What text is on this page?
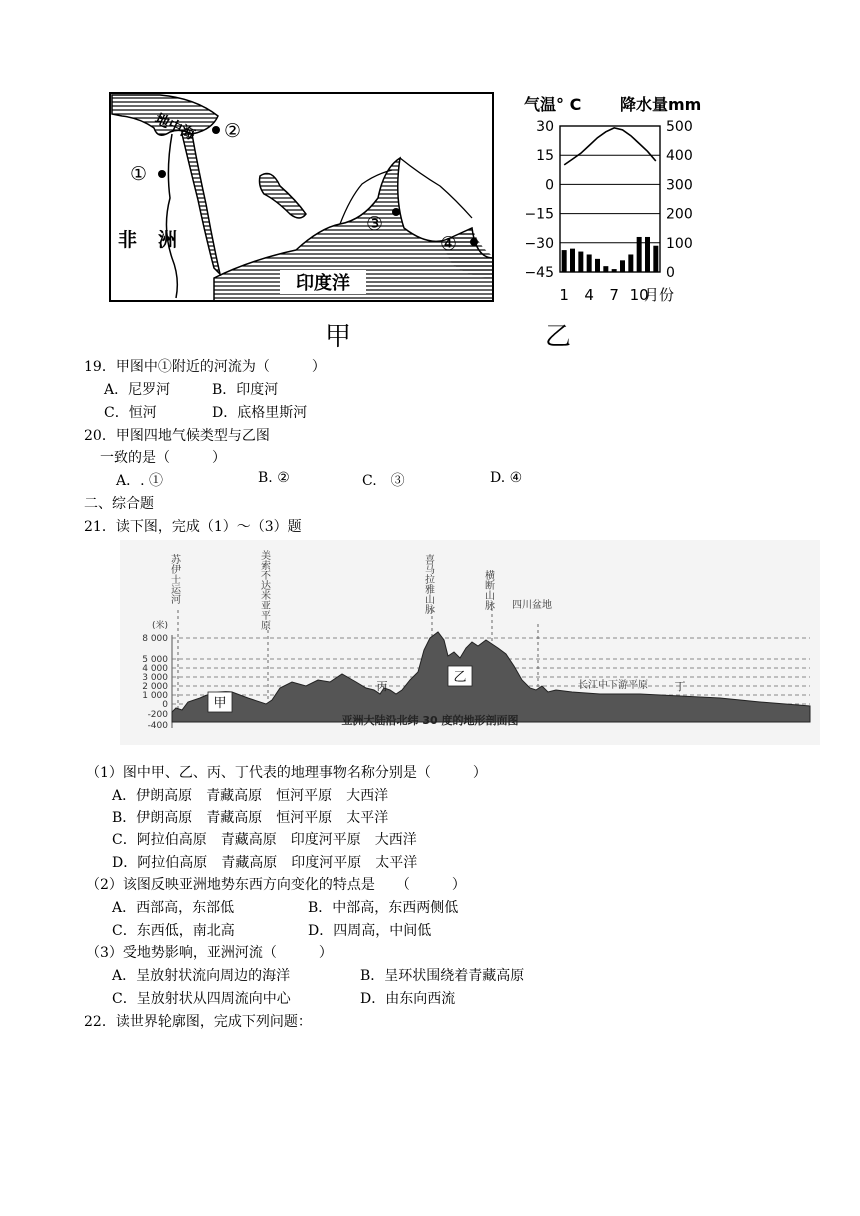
印度洋
地中海
非 洲
①
②
③
④
甲
气温° C 降水量mm
30	500
15	400
0	300
−15	200
−30	100
−45	0
1 4 7 10
月份
乙
19．甲图中①附近的河流为（　　　）
A．尼罗河	B．印度河
C．恒河	D．底格里斯河
20．甲图四地气候类型与乙图
一致的是（　　　）
A．. ①	B. ②	C.　③	D. ④
二、综合题
21．读下图，完成（1）～（3）题
(米)
8 000
5 000
4 000
3 000
2 000
1 000
0
-200
-400
甲
乙
丙	丁
苏伊士运河	美索不达米亚平原	喜马拉雅山脉	横断山脉 四川盆地
长江中下游平原
亚洲大陆沿北纬 30 度的地形剖面图
（1）图中甲、乙、丙、丁代表的地理事物名称分别是（　　　）
A．伊朗高原　青藏高原　恒河平原　大西洋
B．伊朗高原　青藏高原　恒河平原　太平洋
C．阿拉伯高原　青藏高原　印度河平原　大西洋
D．阿拉伯高原　青藏高原　印度河平原　太平洋
（2）该图反映亚洲地势东西方向变化的特点是　　（　　　）
A．西部高，东部低	B．中部高，东西两侧低
C．东西低，南北高	D．四周高，中间低
（3）受地势影响，亚洲河流（　　　）
A．呈放射状流向周边的海洋	B．呈环状围绕着青藏高原
C．呈放射状从四周流向中心	D．由东向西流
22．读世界轮廓图，完成下列问题：
